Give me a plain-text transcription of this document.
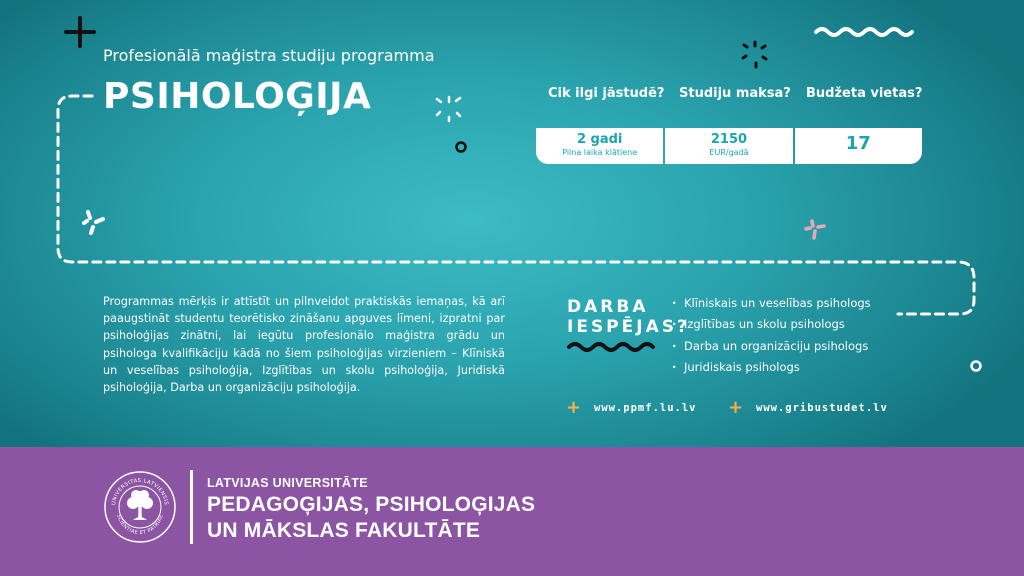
Profesionālā maģistra studiju programma
PSIHOLOĢIJA	Cik ilgi jāstudē? Studiju maksa? Budžeta vietas?
2 gadi
Pilna laika klātiene
2150
EUR/gadā	17

Programmas mērķis ir attīstīt un pilnveidot praktiskās iemaņas, kā arī paaugstināt studentu teorētisko zināšanu apguves līmeni, izpratni par psiholoģijas zinātni, lai iegūtu profesionālo maģistra grādu un psihologa kvalifikāciju kādā no šiem psiholoģijas virzieniem – Klīniskā un veselības psiholoģija, Izglītības un skolu psiholoģija, Juridiskā psiholoģija, Darba un organizāciju psiholoģija.

DARBA
IESPĒJAS?
· Klīniskais un veselības psihologs
· Izglītības un skolu psihologs
· Darba un organizāciju psihologs
· Juridiskais psihologs
+ www.ppmf.lu.lv + www.gribustudet.lv
UNIVERSITAS LATVIENSIS
SCIENTIAE ET PATRIAE
LATVIJAS UNIVERSITĀTE
PEDAGOĢIJAS, PSIHOLOĢIJAS
UN MĀKSLAS FAKULTĀTE
